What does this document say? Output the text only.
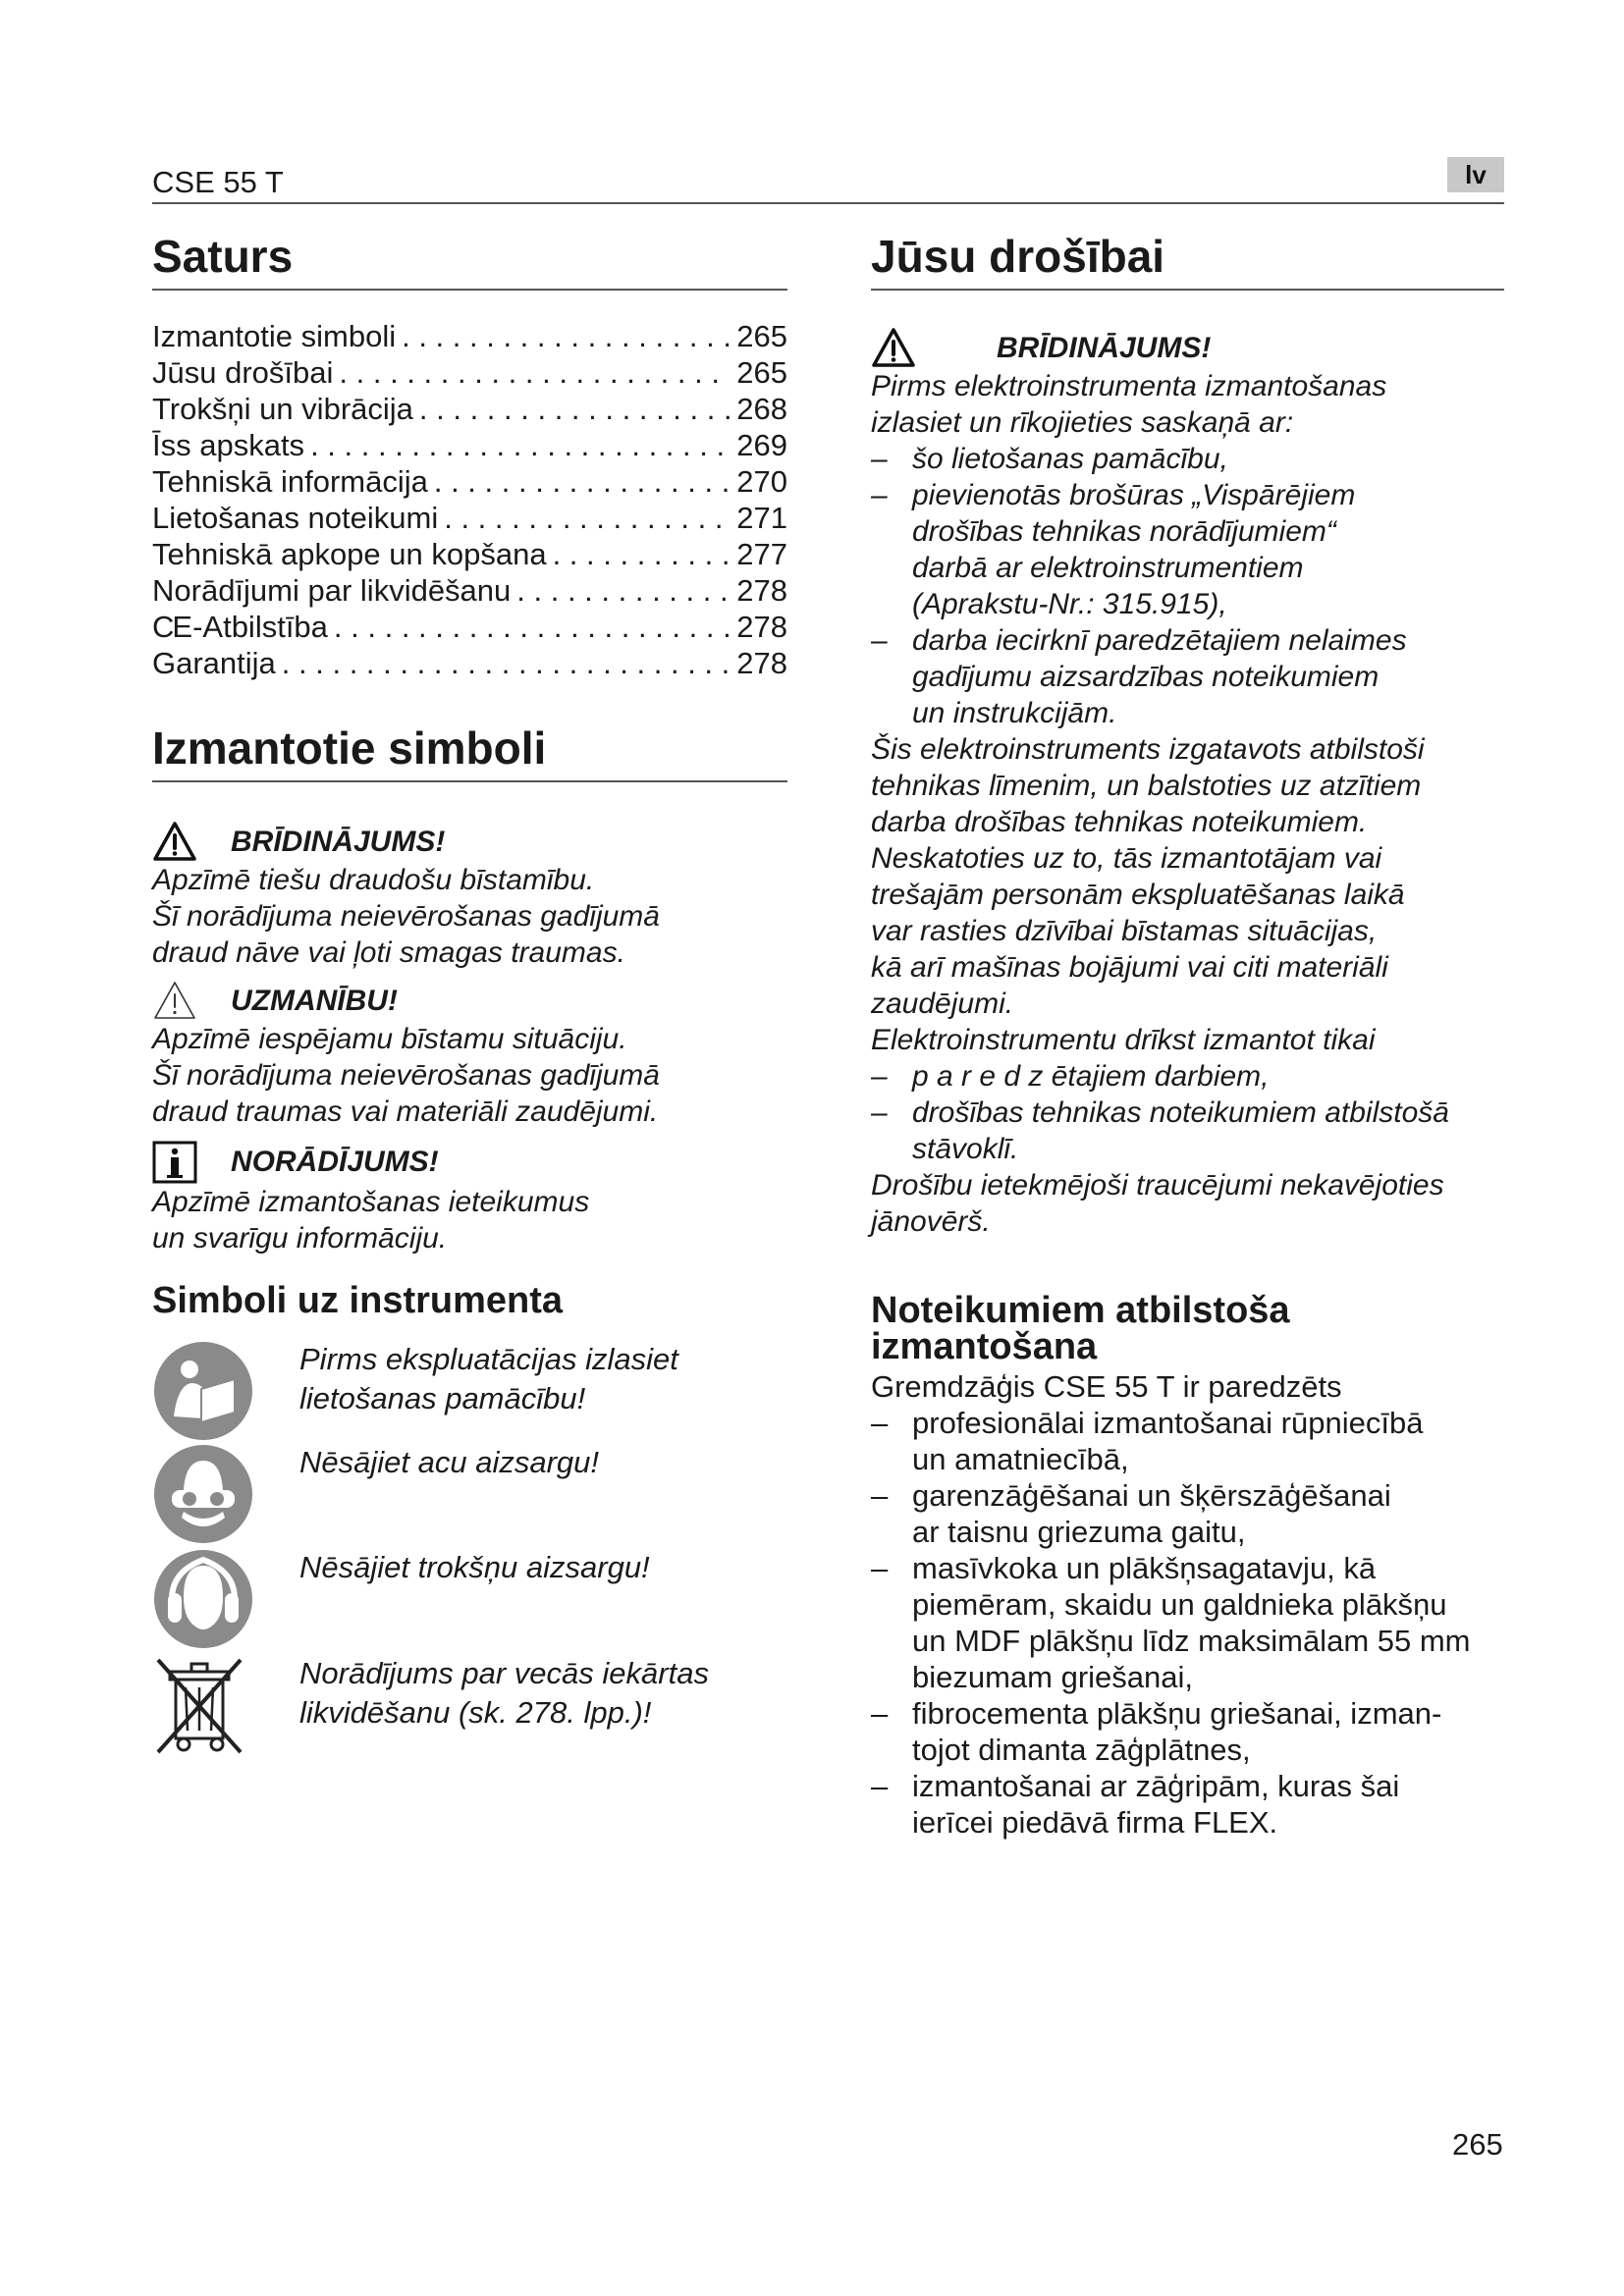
CSE 55 T	lv
Saturs
Izmantotie simboli . . .	265
Jūsu drošībai . . .	265
Trokšņi un vibrācija . . .	268
Īss apskats . . .	269
Tehniskā informācija . . .	270
Lietošanas noteikumi . . .	271
Tehniskā apkope un kopšana . . .	277
Norādījumi par likvidēšanu . . .	278
CE-Atbilstība . . .	278
Garantija . . .	278
Izmantotie simboli
BRĪDINĀJUMS!
Apzīmē tiešu draudošu bīstamību.
Šī norādījuma neievērošanas gadījumā
draud nāve vai ļoti smagas traumas.
UZMANĪBU!
Apzīmē iespējamu bīstamu situāciju.
Šī norādījuma neievērošanas gadījumā
draud traumas vai materiāli zaudējumi.
NORĀDĪJUMS!
Apzīmē izmantošanas ieteikumus
un svarīgu informāciju.
Simboli uz instrumenta
Pirms ekspluatācijas izlasiet
lietošanas pamācību!
Nēsājiet acu aizsargu!
Nēsājiet trokšņu aizsargu!
Norādījums par vecās iekārtas
likvidēšanu (sk. 278. lpp.)!
Jūsu drošībai
BRĪDINĀJUMS!
Pirms elektroinstrumenta izmantošanas
izlasiet un rīkojieties saskaņā ar:
– šo lietošanas pamācību,
– pievienotās brošūras „Vispārējiem
drošības tehnikas norādījumiem“
darbā ar elektroinstrumentiem
(Aprakstu-Nr.: 315.915),
– darba iecirknī paredzētajiem nelaimes
gadījumu aizsardzības noteikumiem
un instrukcijām.
Šis elektroinstruments izgatavots atbilstoši
tehnikas līmenim, un balstoties uz atzītiem
darba drošības tehnikas noteikumiem.
Neskatoties uz to, tās izmantotājam vai
trešajām personām ekspluatēšanas laikā
var rasties dzīvībai bīstamas situācijas,
kā arī mašīnas bojājumi vai citi materiāli
zaudējumi.
Elektroinstrumentu drīkst izmantot tikai
– p a r e d z ētajiem darbiem,
– drošības tehnikas noteikumiem atbilstošā
stāvoklī.
Drošību ietekmējoši traucējumi nekavējoties
jānovērš.
Noteikumiem atbilstoša
izmantošana
Gremdzāģis CSE 55 T ir paredzēts
– profesionālai izmantošanai rūpniecībā
un amatniecībā,
– garenzāģēšanai un šķērszāģēšanai
ar taisnu griezuma gaitu,
– masīvkoka un plākšņsagatavju, kā
piemēram, skaidu un galdnieka plākšņu
un MDF plākšņu līdz maksimālam 55 mm
biezumam griešanai,
– fibrocementa plākšņu griešanai, izman-
tojot dimanta zāģplātnes,
– izmantošanai ar zāģripām, kuras šai
ierīcei piedāvā firma FLEX.
265
